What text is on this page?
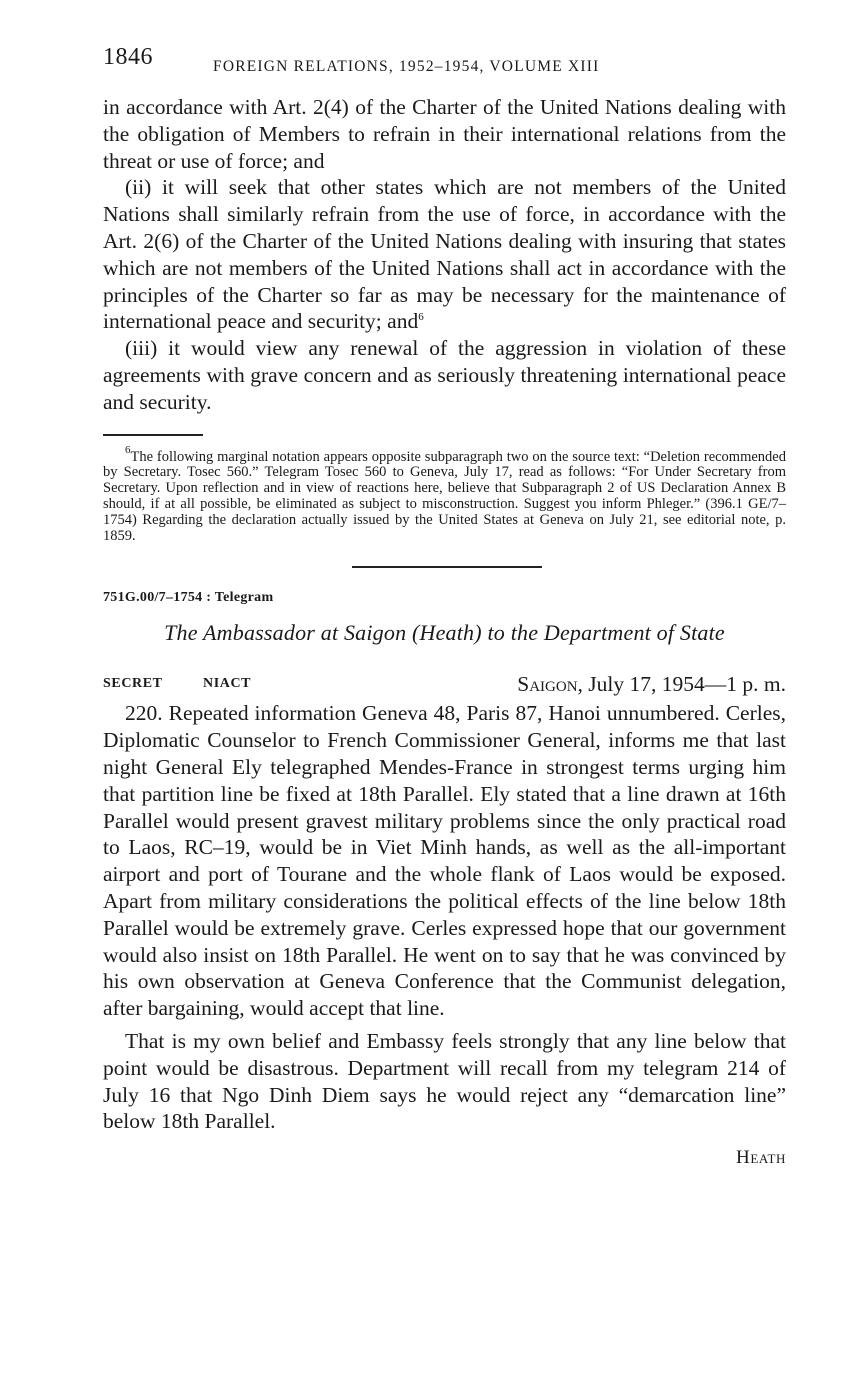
1846	FOREIGN RELATIONS, 1952–1954, VOLUME XIII

in accordance with Art. 2(4) of the Charter of the United Nations dealing with the obligation of Members to refrain in their international relations from the threat or use of force; and

(ii) it will seek that other states which are not members of the United Nations shall similarly refrain from the use of force, in accordance with the Art. 2(6) of the Charter of the United Nations dealing with insuring that states which are not members of the United Nations shall act in accordance with the principles of the Charter so far as may be necessary for the maintenance of international peace and security; and$^6$

(iii) it would view any renewal of the aggression in violation of these agreements with grave concern and as seriously threatening international peace and security.

$^6$The following marginal notation appears opposite subparagraph two on the source text: “Deletion recommended by Secretary. Tosec 560.” Telegram Tosec 560 to Geneva, July 17, read as follows: “For Under Secretary from Secretary. Upon reflection and in view of reactions here, believe that Subparagraph 2 of US Declaration Annex B should, if at all possible, be eliminated as subject to misconstruction. Suggest you inform Phleger.” (396.1 GE/7–1754) Regarding the declaration actually issued by the United States at Geneva on July 21, see editorial note, p. 1859.

751G.00/7–1754 : Telegram
The Ambassador at Saigon (Heath) to the Department of State
SECRET	NIACT	Saigon, July 17, 1954—1 p. m.

220. Repeated information Geneva 48, Paris 87, Hanoi unnumbered. Cerles, Diplomatic Counselor to French Commissioner General, informs me that last night General Ely telegraphed Mendes-France in strongest terms urging him that partition line be fixed at 18th Parallel. Ely stated that a line drawn at 16th Parallel would present gravest military problems since the only practical road to Laos, RC–19, would be in Viet Minh hands, as well as the all-important airport and port of Tourane and the whole flank of Laos would be exposed. Apart from military considerations the political effects of the line below 18th Parallel would be extremely grave. Cerles expressed hope that our government would also insist on 18th Parallel. He went on to say that he was convinced by his own observation at Geneva Conference that the Communist delegation, after bargaining, would accept that line.

That is my own belief and Embassy feels strongly that any line below that point would be disastrous. Department will recall from my telegram 214 of July 16 that Ngo Dinh Diem says he would reject any “demarcation line” below 18th Parallel.

Heath
